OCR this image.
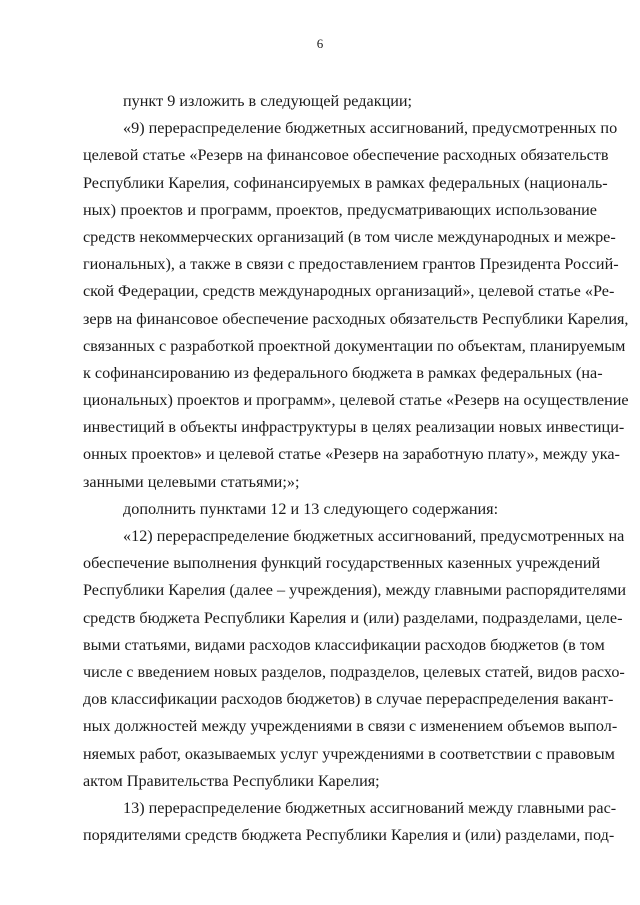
6
пункт 9 изложить в следующей редакции;
«9) перераспределение бюджетных ассигнований, предусмотренных по
целевой статье «Резерв на финансовое обеспечение расходных обязательств
Республики Карелия, софинансируемых в рамках федеральных (националь-
ных) проектов и программ, проектов, предусматривающих использование
средств некоммерческих организаций (в том числе международных и межре-
гиональных), а также в связи с предоставлением грантов Президента Россий-
ской Федерации, средств международных организаций», целевой статье «Ре-
зерв на финансовое обеспечение расходных обязательств Республики Карелия,
связанных с разработкой проектной документации по объектам, планируемым
к софинансированию из федерального бюджета в рамках федеральных (на-
циональных) проектов и программ», целевой статье «Резерв на осуществление
инвестиций в объекты инфраструктуры в целях реализации новых инвестици-
онных проектов» и целевой статье «Резерв на заработную плату», между ука-
занными целевыми статьями;»;
дополнить пунктами 12 и 13 следующего содержания:
«12) перераспределение бюджетных ассигнований, предусмотренных на
обеспечение выполнения функций государственных казенных учреждений
Республики Карелия (далее – учреждения), между главными распорядителями
средств бюджета Республики Карелия и (или) разделами, подразделами, целе-
выми статьями, видами расходов классификации расходов бюджетов (в том
числе с введением новых разделов, подразделов, целевых статей, видов расхо-
дов классификации расходов бюджетов) в случае перераспределения вакант-
ных должностей между учреждениями в связи с изменением объемов выпол-
няемых работ, оказываемых услуг учреждениями в соответствии с правовым
актом Правительства Республики Карелия;
13) перераспределение бюджетных ассигнований между главными рас-
порядителями средств бюджета Республики Карелия и (или) разделами, под-
